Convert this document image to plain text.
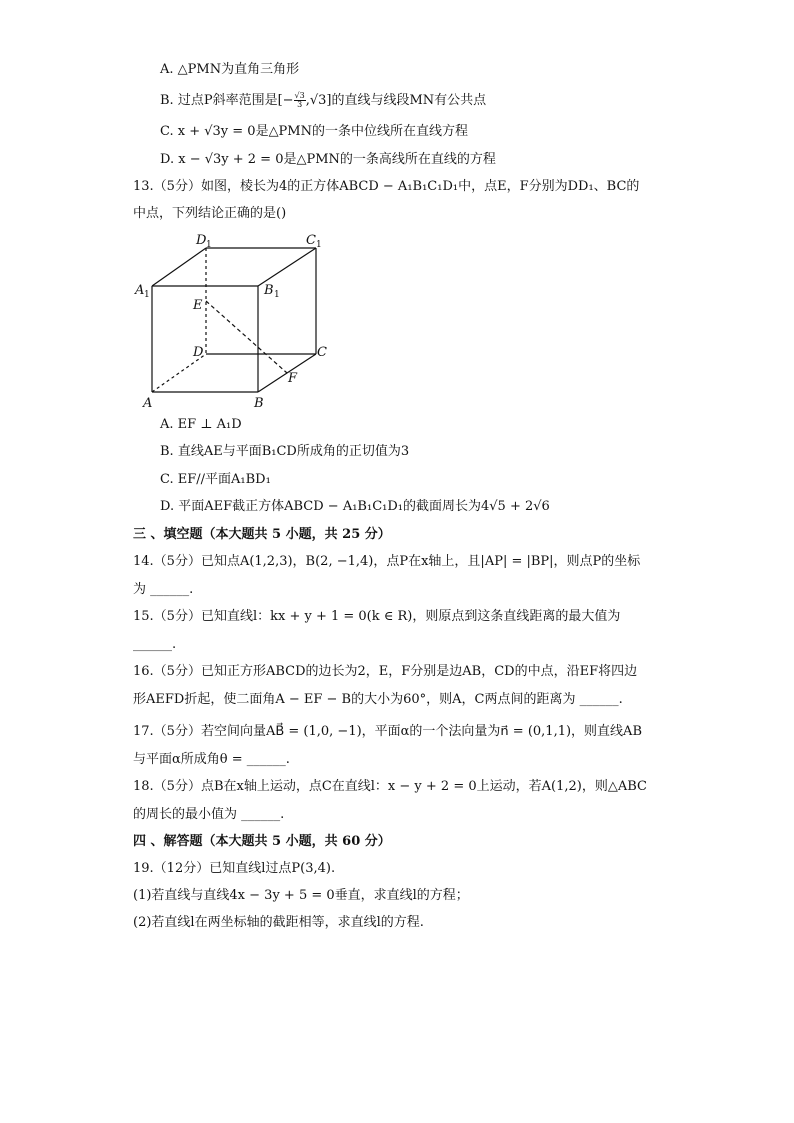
A. △PMN为直角三角形
B. 过点P斜率范围是[− $\frac{√3}{3} ,√3$]的直线与线段MN有公共点
C. x + √3y = 0是△PMN的一条中位线所在直线方程
D. x − √3y + 2 = 0是△PMN的一条高线所在直线的方程
13.（5分）如图，棱长为4的正方体ABCD − A₁B₁C₁D₁中，点E，F分别为DD₁、BC的
中点，下列结论正确的是()
D 1	C 1
A 1	B 1
E
D	C
F
A	B
A. EF ⊥ A₁D
B. 直线AE与平面B₁CD所成角的正切值为3
C. EF//平面A₁BD₁
D. 平面AEF截正方体ABCD − A₁B₁C₁D₁的截面周长为4√5 + 2√6
三 、填空题（本大题共 5 小题，共 25 分）
14.（5分）已知点A(1,2,3)，B(2, −1,4)，点P在x轴上，且|AP| = |BP|，则点P的坐标
为 ______.
15.（5分）已知直线l：kx + y + 1 = 0(k ∈ R)，则原点到这条直线距离的最大值为
______.
16.（5分）已知正方形ABCD的边长为2，E，F分别是边AB，CD的中点，沿EF将四边
形AEFD折起，使二面角A − EF − B的大小为60°，则A，C两点间的距离为 ______.
17.（5分）若空间向量AB⃗ = (1,0, −1)，平面α的一个法向量为n⃗ = (0,1,1)，则直线AB
与平面α所成角θ = ______.
18.（5分）点B在x轴上运动，点C在直线l：x − y + 2 = 0上运动，若A(1,2)，则△ABC
的周长的最小值为 ______.
四 、解答题（本大题共 5 小题，共 60 分）
19.（12分）已知直线l过点P(3,4).
(1)若直线与直线4x − 3y + 5 = 0垂直，求直线l的方程；
(2)若直线l在两坐标轴的截距相等，求直线l的方程.
